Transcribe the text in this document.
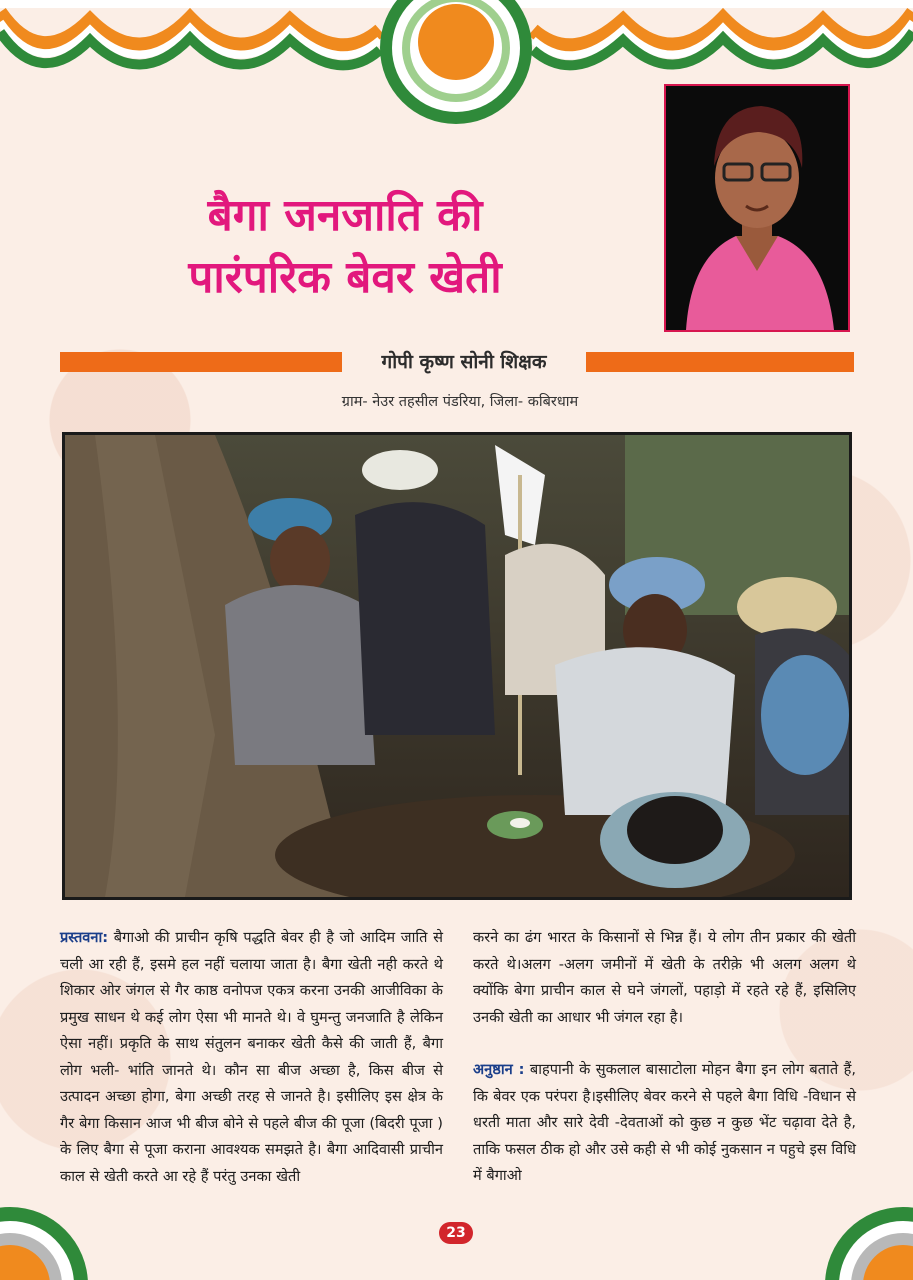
बैगा जनजाति की
पारंपरिक बेवर खेती

गोपी कृष्ण सोनी शिक्षक

ग्राम- नेउर तहसील पंडरिया, जिला- कबिरधाम

प्रस्तवना: बैगाओ की प्राचीन कृषि पद्धति बेवर ही है जो आदिम जाति से चली आ रही हैं, इसमे हल नहीं चलाया जाता है। बैगा खेती नही करते थे शिकार ओर जंगल से गैर काष्ठ वनोपज एकत्र करना उनकी आजीविका के प्रमुख साधन थे कई लोग ऐसा भी मानते थे। वे घुमन्तु जनजाति है लेकिन ऐसा नहीं। प्रकृति के साथ संतुलन बनाकर खेती कैसे की जाती हैं, बैगा लोग भली- भांति जानते थे। कौन सा बीज अच्छा है, किस बीज से उत्पादन अच्छा होगा, बेगा अच्छी तरह से जानते है। इसीलिए इस क्षेत्र के गैर बेगा किसान आज भी बीज बोने से पहले बीज की पूजा (बिदरी पूजा ) के लिए बैगा से पूजा कराना आवश्यक समझते है। बैगा आदिवासी प्राचीन काल से खेती करते आ रहे हैं परंतु उनका खेती

करने का ढंग भारत के किसानों से भिन्न हैं। ये लोग तीन प्रकार की खेती करते थे।अलग -अलग जमीनों में खेती के तरीक़े भी अलग अलग थे क्योंकि बेगा प्राचीन काल से घने जंगलों, पहाड़ो में रहते रहे हैं, इसिलिए उनकी खेती का आधार भी जंगल रहा है।

अनुष्ठान : बाहपानी के सुकलाल बासाटोला मोहन बैगा इन लोग बताते हैं, कि बेवर एक परंपरा है।इसीलिए बेवर करने से पहले बैगा विधि -विधान से धरती माता और सारे देवी -देवताओं को कुछ न कुछ भेंट चढ़ावा देते है, ताकि फसल ठीक हो और उसे कही से भी कोई नुकसान न पहुचे इस विधि में बैगाओ

23
